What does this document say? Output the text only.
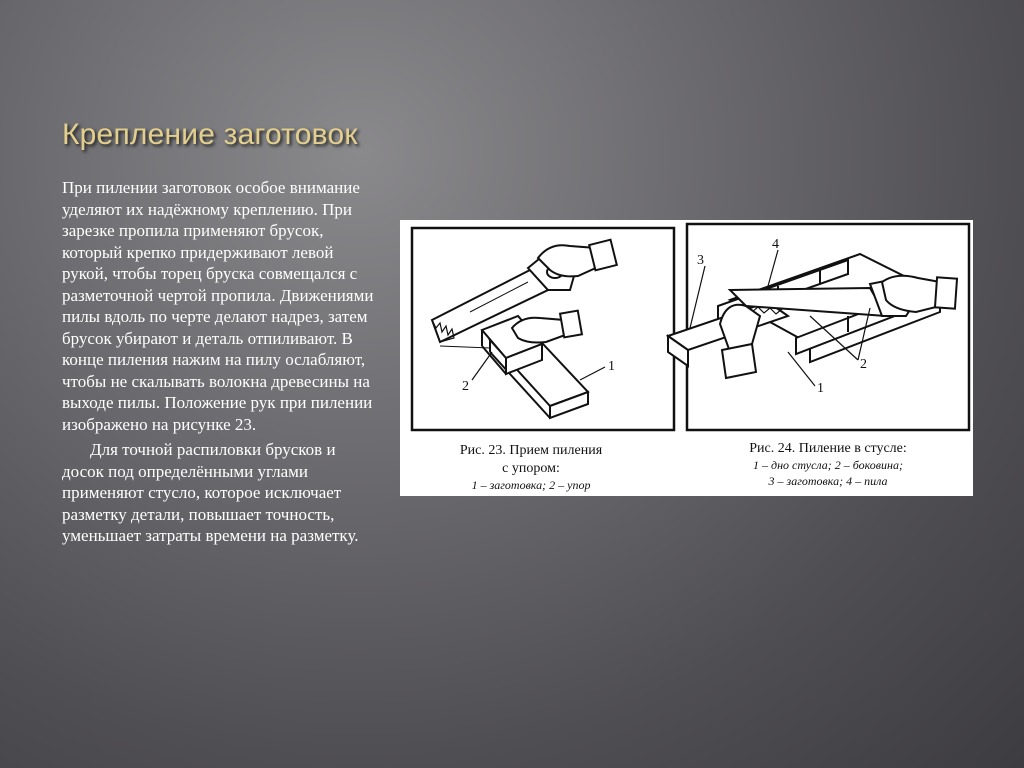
Крепление заготовок

При пилении заготовок особое внимание уделяют их надёжному креплению. При зарезке пропила применяют брусок, который крепко придерживают левой рукой, чтобы торец бруска совмещался с разметочной чертой пропила. Движениями пилы вдоль по черте делают надрез, затем брусок убирают и деталь отпиливают. В конце пиления нажим на пилу ослабляют, чтобы не скалывать волокна древесины на выходе пилы. Положение рук при пилении изображено на рисунке 23.

Для точной распиловки брусков и досок под определёнными углами применяют стусло, которое исключает разметку детали, повышает точность, уменьшает затраты времени на разметку.

1
2
3
4
2
1
Рис. 23. Прием пиления
с упором:
1 – заготовка; 2 – упор
Рис. 24. Пиление в стусле:
1 – дно стусла; 2 – боковина;
3 – заготовка; 4 – пила
